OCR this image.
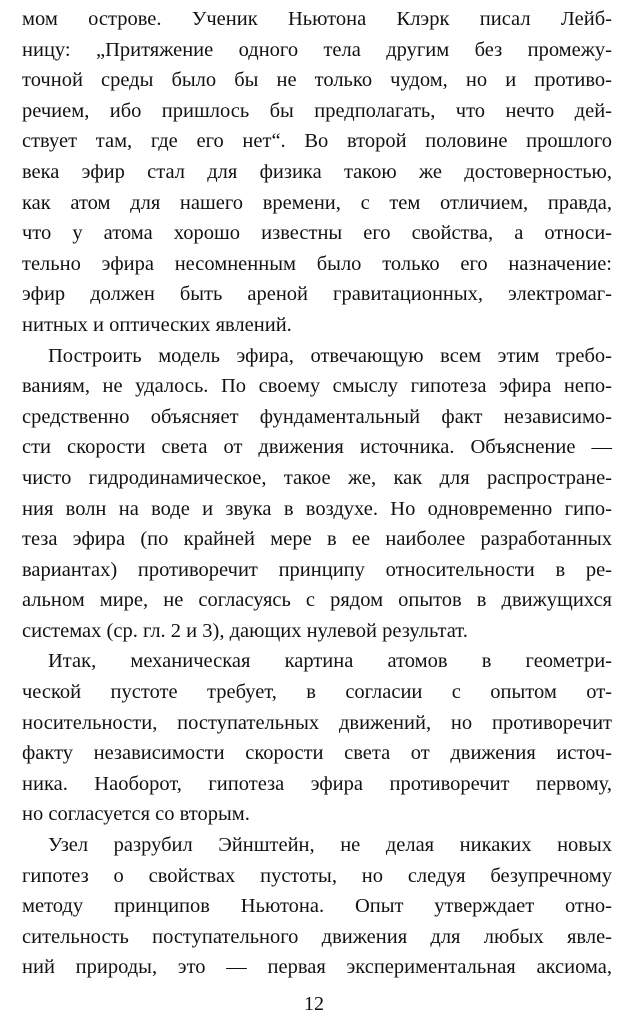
мом острове. Ученик Ньютона Клэрк писал Лейб-
ницу: „Притяжение одного тела другим без промежу-
точной среды было бы не только чудом, но и противо-
речием, ибо пришлось бы предполагать, что нечто дей-
ствует там, где его нет“. Во второй половине прошлого
века эфир стал для физика такою же достоверностью,
как атом для нашего времени, с тем отличием, правда,
что у атома хорошо известны его свойства, а относи-
тельно эфира несомненным было только его назначение:
эфир должен быть ареной гравитационных, электромаг-
нитных и оптических явлений.
Построить модель эфира, отвечающую всем этим требо-
ваниям, не удалось. По своему смыслу гипотеза эфира непо-
средственно объясняет фундаментальный факт независимо-
сти скорости света от движения источника. Объяснение —
чисто гидродинамическое, такое же, как для распростране-
ния волн на воде и звука в воздухе. Но одновременно гипо-
теза эфира (по крайней мере в ее наиболее разработанных
вариантах) противоречит принципу относительности в ре-
альном мире, не согласуясь с рядом опытов в движущихся
системах (ср. гл. 2 и 3), дающих нулевой результат.
Итак, механическая картина атомов в геометри-
ческой пустоте требует, в согласии с опытом от-
носительности, поступательных движений, но противоречит
факту независимости скорости света от движения источ-
ника. Наоборот, гипотеза эфира противоречит первому,
но согласуется со вторым.
Узел разрубил Эйнштейн, не делая никаких новых
гипотез о свойствах пустоты, но следуя безупречному
методу принципов Ньютона. Опыт утверждает отно-
сительность поступательного движения для любых явле-
ний природы, это — первая экспериментальная аксиома,
12
